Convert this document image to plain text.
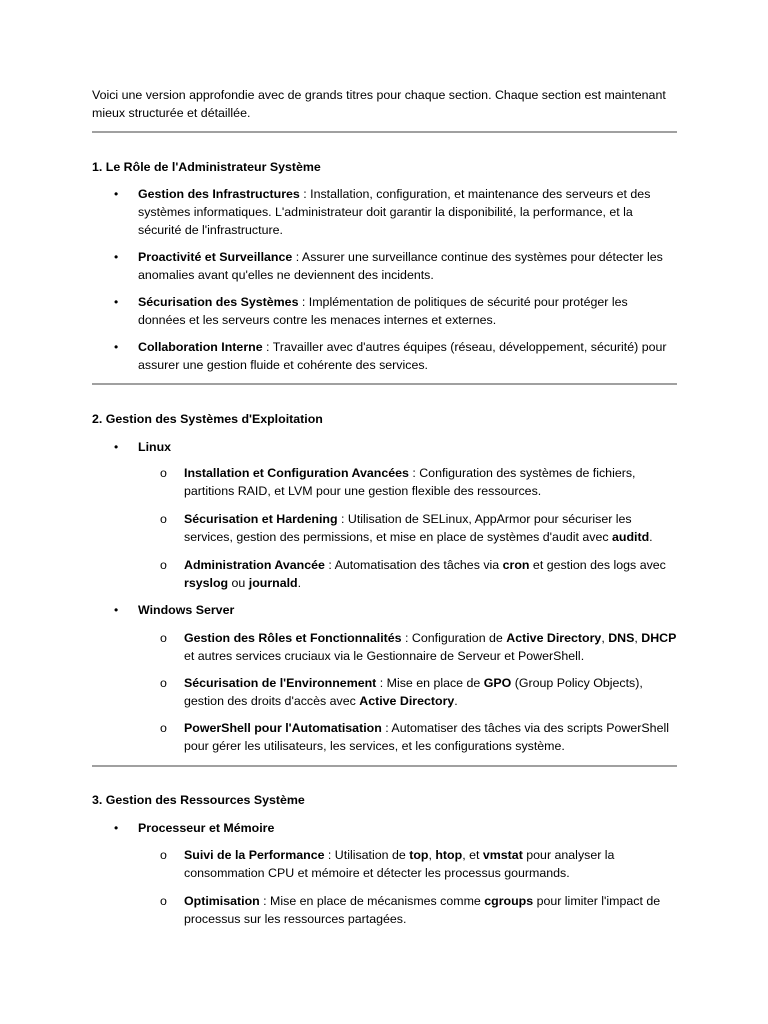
Voici une version approfondie avec de grands titres pour chaque section. Chaque section est maintenant mieux structurée et détaillée.

1. Le Rôle de l'Administrateur Système

•	Gestion des Infrastructures : Installation, configuration, et maintenance des serveurs et des systèmes informatiques. L'administrateur doit garantir la disponibilité, la performance, et la sécurité de l'infrastructure.

•	Proactivité et Surveillance : Assurer une surveillance continue des systèmes pour détecter les anomalies avant qu'elles ne deviennent des incidents.

•	Sécurisation des Systèmes : Implémentation de politiques de sécurité pour protéger les données et les serveurs contre les menaces internes et externes.

•	Collaboration Interne : Travailler avec d'autres équipes (réseau, développement, sécurité) pour assurer une gestion fluide et cohérente des services.

2. Gestion des Systèmes d'Exploitation

•	Linux

o Installation et Configuration Avancées : Configuration des systèmes de fichiers, partitions RAID, et LVM pour une gestion flexible des ressources.

o Sécurisation et Hardening : Utilisation de SELinux, AppArmor pour sécuriser les services, gestion des permissions, et mise en place de systèmes d'audit avec auditd.

o Administration Avancée : Automatisation des tâches via cron et gestion des logs avec rsyslog ou journald.

•	Windows Server

o Gestion des Rôles et Fonctionnalités : Configuration de Active Directory, DNS, DHCP et autres services cruciaux via le Gestionnaire de Serveur et PowerShell.

o Sécurisation de l'Environnement : Mise en place de GPO (Group Policy Objects), gestion des droits d'accès avec Active Directory.

o PowerShell pour l'Automatisation : Automatiser des tâches via des scripts PowerShell pour gérer les utilisateurs, les services, et les configurations système.

3. Gestion des Ressources Système

•	Processeur et Mémoire

o Suivi de la Performance : Utilisation de top, htop, et vmstat pour analyser la consommation CPU et mémoire et détecter les processus gourmands.

o Optimisation : Mise en place de mécanismes comme cgroups pour limiter l'impact de processus sur les ressources partagées.
